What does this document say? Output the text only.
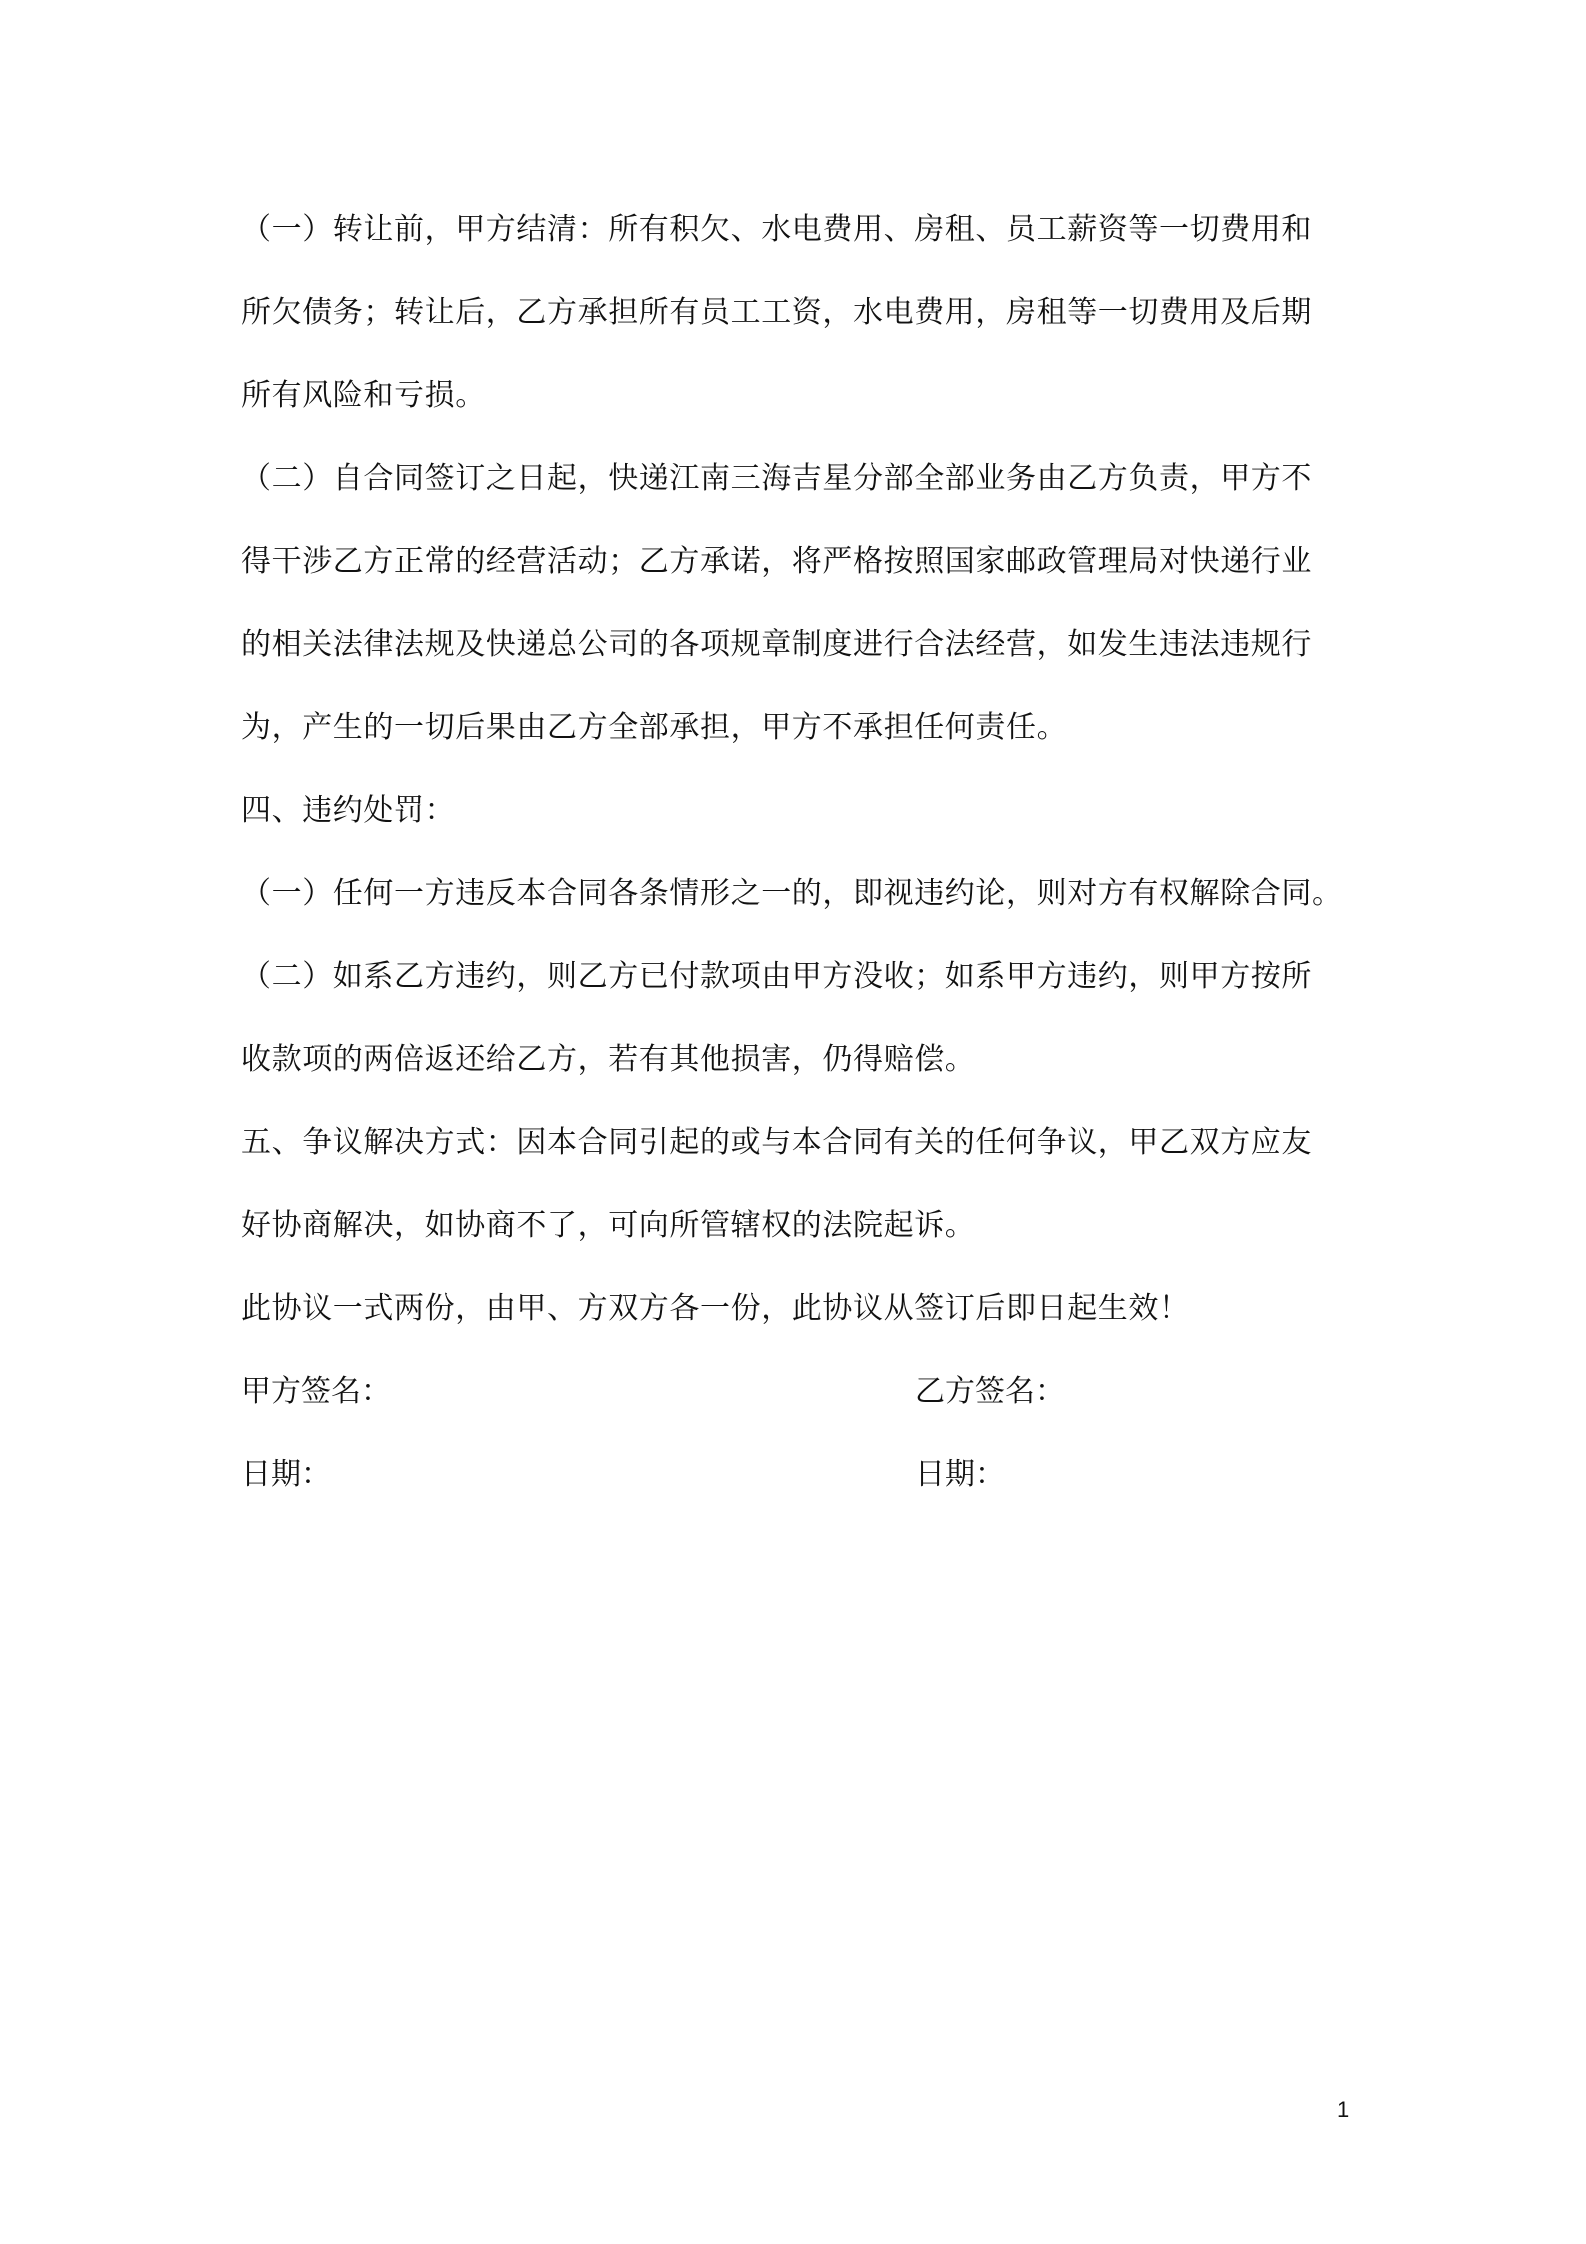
（一）转让前，甲方结清：所有积欠、水电费用、房租、员工薪资等一切费用和
所欠债务；转让后，乙方承担所有员工工资，水电费用，房租等一切费用及后期
所有风险和亏损。
（二）自合同签订之日起，快递江南三海吉星分部全部业务由乙方负责，甲方不
得干涉乙方正常的经营活动；乙方承诺，将严格按照国家邮政管理局对快递行业
的相关法律法规及快递总公司的各项规章制度进行合法经营，如发生违法违规行
为，产生的一切后果由乙方全部承担，甲方不承担任何责任。
四、违约处罚：
（一）任何一方违反本合同各条情形之一的，即视违约论，则对方有权解除合同。
（二）如系乙方违约，则乙方已付款项由甲方没收；如系甲方违约，则甲方按所
收款项的两倍返还给乙方，若有其他损害，仍得赔偿。
五、争议解决方式：因本合同引起的或与本合同有关的任何争议，甲乙双方应友
好协商解决，如协商不了，可向所管辖权的法院起诉。
此协议一式两份，由甲、方双方各一份，此协议从签订后即日起生效！
甲方签名：	乙方签名：
日期：	日期：
1
